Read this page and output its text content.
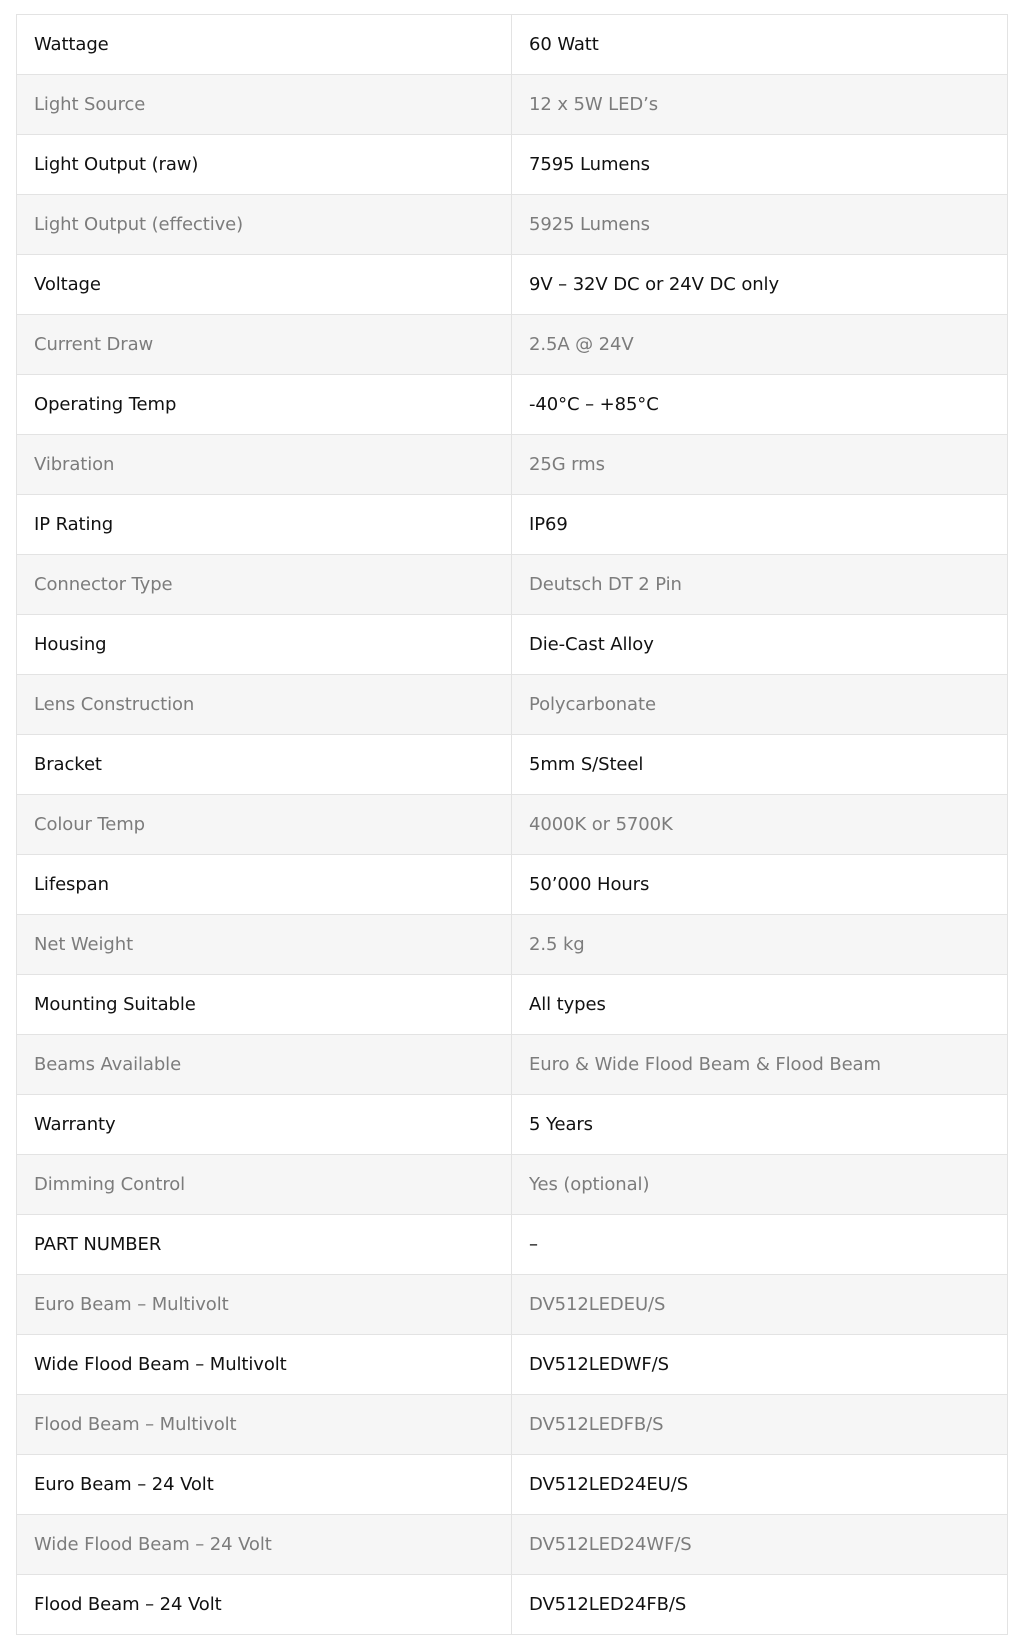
Wattage	60 Watt
Light Source	12 x 5W LED’s
Light Output (raw)	7595 Lumens
Light Output (effective)	5925 Lumens
Voltage	9V – 32V DC or 24V DC only
Current Draw	2.5A @ 24V
Operating Temp	-40°C – +85°C
Vibration	25G rms
IP Rating	IP69
Connector Type	Deutsch DT 2 Pin
Housing	Die-Cast Alloy
Lens Construction	Polycarbonate
Bracket	5mm S/Steel
Colour Temp	4000K or 5700K
Lifespan	50’000 Hours
Net Weight	2.5 kg
Mounting Suitable	All types
Beams Available	Euro & Wide Flood Beam & Flood Beam
Warranty	5 Years
Dimming Control	Yes (optional)
PART NUMBER	–
Euro Beam – Multivolt	DV512LEDEU/S
Wide Flood Beam – Multivolt	DV512LEDWF/S
Flood Beam – Multivolt	DV512LEDFB/S
Euro Beam – 24 Volt	DV512LED24EU/S
Wide Flood Beam – 24 Volt	DV512LED24WF/S
Flood Beam – 24 Volt	DV512LED24FB/S
